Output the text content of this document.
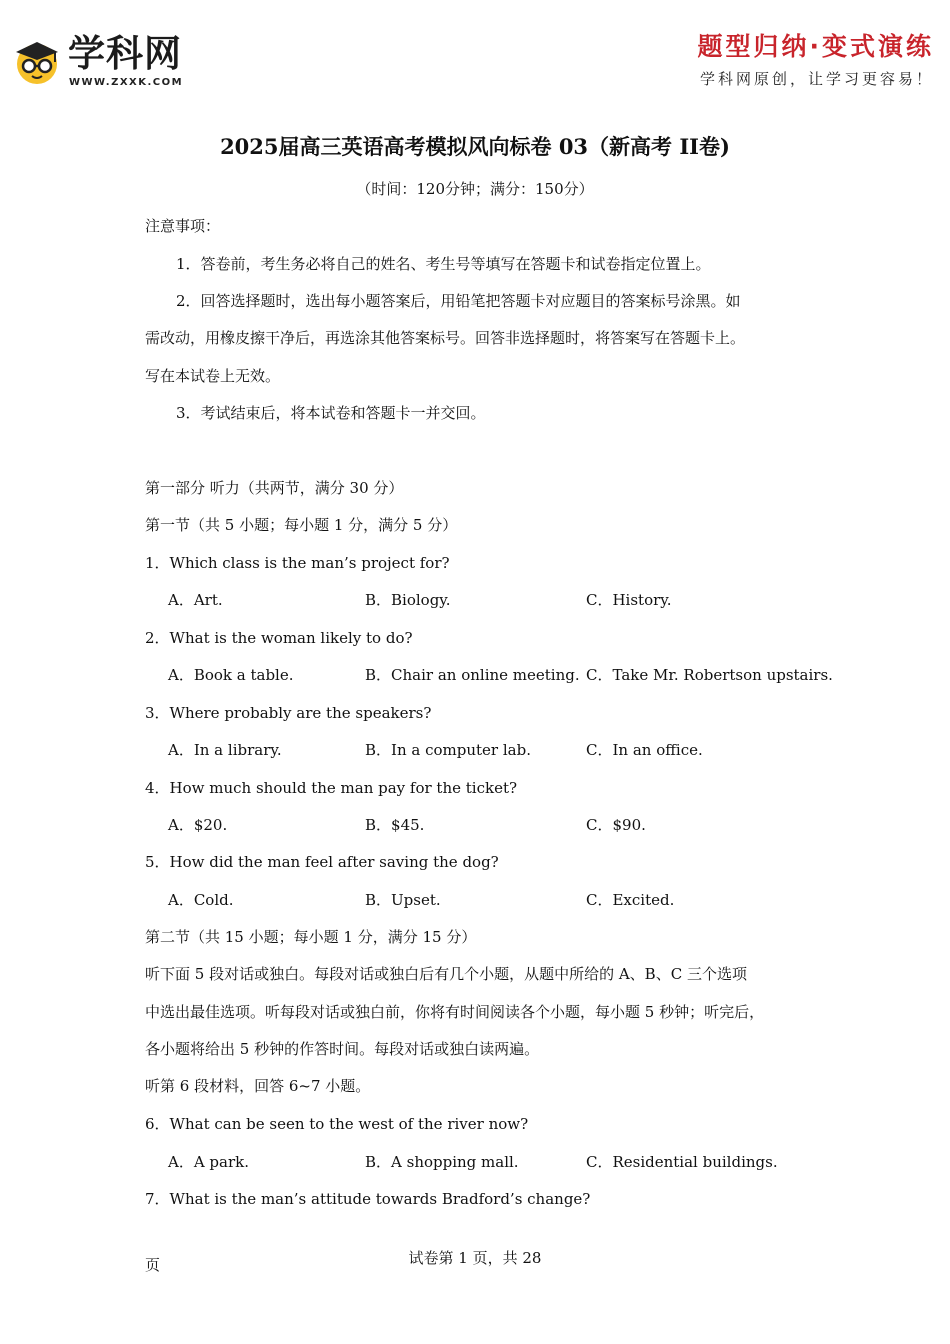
学科网
WWW.ZXXK.COM
题型归纳·变式演练
学科网原创，让学习更容易！
2025届高三英语高考模拟风向标卷 03（新高考 II卷)
（时间：120分钟；满分：150分）
注意事项：
1．答卷前，考生务必将自己的姓名、考生号等填写在答题卡和试卷指定位置上。
2．回答选择题时，选出每小题答案后，用铅笔把答题卡对应题目的答案标号涂黑。如
需改动，用橡皮擦干净后，再选涂其他答案标号。回答非选择题时，将答案写在答题卡上。
写在本试卷上无效。
3．考试结束后，将本试卷和答题卡一并交回。
第一部分 听力（共两节，满分 30 分）
第一节（共 5 小题；每小题 1 分，满分 5 分）
1．Which class is the man’s project for?
A．Art.	B．Biology.	C．History.
2．What is the woman likely to do?
A．Book a table.	B．Chair an online meeting. C．Take Mr. Robertson upstairs.
3．Where probably are the speakers?
A．In a library.	B．In a computer lab.	C．In an office.
4．How much should the man pay for the ticket?
A．$20.	B．$45.	C．$90.
5．How did the man feel after saving the dog?
A．Cold.	B．Upset.	C．Excited.
第二节（共 15 小题；每小题 1 分，满分 15 分）
听下面 5 段对话或独白。每段对话或独白后有几个小题，从题中所给的 A、B、C 三个选项
中选出最佳选项。听每段对话或独白前，你将有时间阅读各个小题，每小题 5 秒钟；听完后，
各小题将给出 5 秒钟的作答时间。每段对话或独白读两遍。
听第 6 段材料，回答 6~7 小题。
6．What can be seen to the west of the river now?
A．A park.	B．A shopping mall.	C．Residential buildings.
7．What is the man’s attitude towards Bradford’s change?
试卷第 1 页，共 28
页
